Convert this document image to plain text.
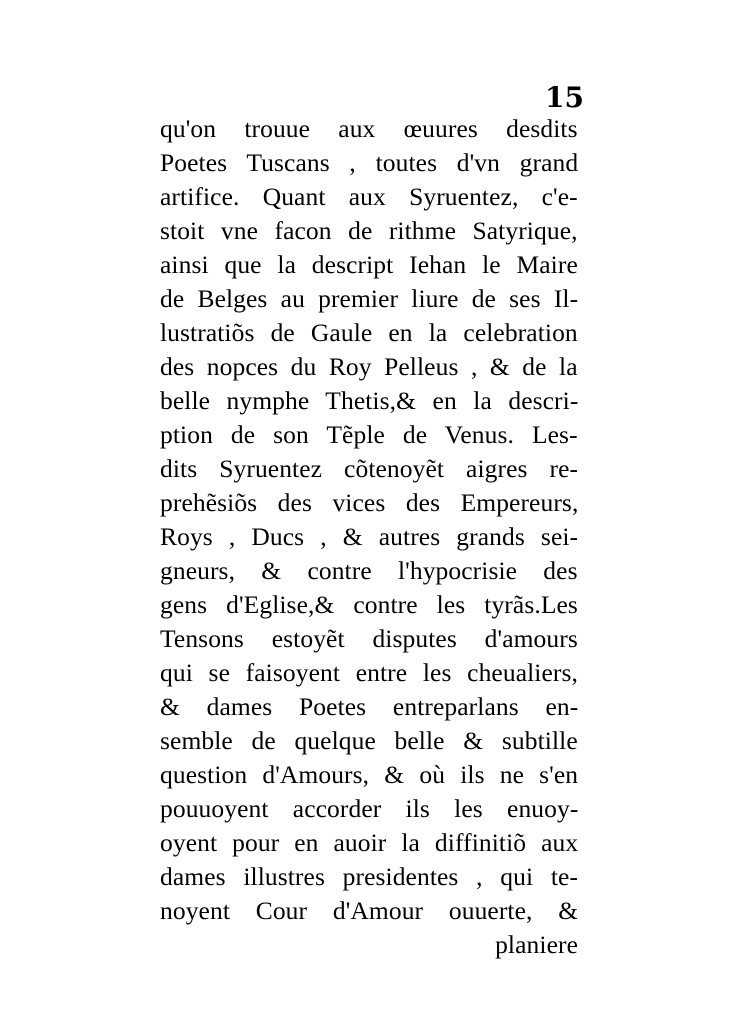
15
qu'on trouue aux œuures desdits
Poetes Tuscans , toutes d'vn grand
artifice. Quant aux Syruentez, c'e-
stoit vne facon de rithme Satyrique,
ainsi que la descript Iehan le Maire
de Belges au premier liure de ses Il-
lustratiõs de Gaule en la celebration
des nopces du Roy Pelleus , & de la
belle nymphe Thetis,& en la descri-
ption de son Tẽple de Venus. Les-
dits Syruentez cõtenoyẽt aigres re-
prehẽsiõs des vices des Empereurs,
Roys , Ducs , & autres grands sei-
gneurs, & contre l'hypocrisie des
gens d'Eglise,& contre les tyrãs.Les
Tensons estoyẽt disputes d'amours
qui se faisoyent entre les cheualiers,
& dames Poetes entreparlans en-
semble de quelque belle & subtille
question d'Amours, & où ils ne s'en
pouuoyent accorder ils les enuoy-
oyent pour en auoir la diffinitiõ aux
dames illustres presidentes , qui te-
noyent Cour d'Amour ouuerte, &
planiere
